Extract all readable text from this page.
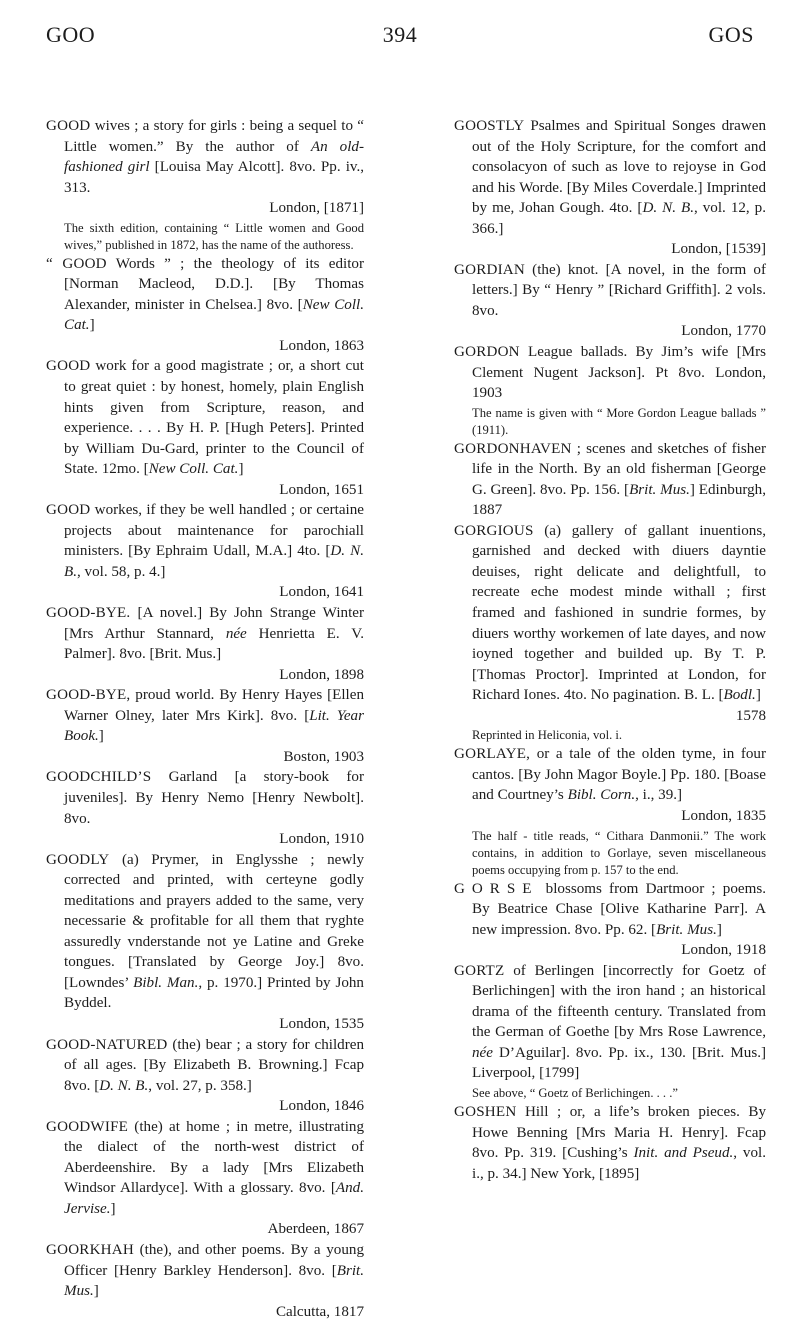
GOO	394	GOS
GOOD wives ; a story for girls : being a sequel to “ Little women.” By the author of An old-fashioned girl [Louisa May Alcott]. 8vo. Pp. iv., 313.
London, [1871]
The sixth edition, containing “ Little women and Good wives,” published in 1872, has the name of the authoress.
“ GOOD Words ” ; the theology of its editor [Norman Macleod, D.D.]. [By Thomas Alexander, minister in Chelsea.] 8vo. [New Coll. Cat.]
London, 1863
GOOD work for a good magistrate ; or, a short cut to great quiet : by honest, homely, plain English hints given from Scripture, reason, and experience. . . . By H. P. [Hugh Peters]. Printed by William Du-Gard, printer to the Council of State. 12mo. [New Coll. Cat.]
London, 1651
GOOD workes, if they be well handled ; or certaine projects about maintenance for parochiall ministers. [By Ephraim Udall, M.A.] 4to. [D. N. B., vol. 58, p. 4.]
London, 1641
GOOD-BYE. [A novel.] By John Strange Winter [Mrs Arthur Stannard, née Henrietta E. V. Palmer]. 8vo. [Brit. Mus.]
London, 1898
GOOD-BYE, proud world. By Henry Hayes [Ellen Warner Olney, later Mrs Kirk]. 8vo. [Lit. Year Book.]
Boston, 1903
GOODCHILD’S Garland [a story-book for juveniles]. By Henry Nemo [Henry Newbolt]. 8vo.
London, 1910
GOODLY (a) Prymer, in Englysshe ; newly corrected and printed, with certeyne godly meditations and prayers added to the same, very necessarie & profitable for all them that ryghte assuredly vnderstande not ye Latine and Greke tongues. [Translated by George Joy.] 8vo. [Lowndes’ Bibl. Man., p. 1970.] Printed by John Byddel.
London, 1535
GOOD-NATURED (the) bear ; a story for children of all ages. [By Elizabeth B. Browning.] Fcap 8vo. [D. N. B., vol. 27, p. 358.]
London, 1846
GOODWIFE (the) at home ; in metre, illustrating the dialect of the north-west district of Aberdeenshire. By a lady [Mrs Elizabeth Windsor Allardyce]. With a glossary. 8vo. [And. Jervise.]
Aberdeen, 1867
GOORKHAH (the), and other poems. By a young Officer [Henry Barkley Henderson]. 8vo. [Brit. Mus.]
Calcutta, 1817
GOOSTLY Psalmes and Spiritual Songes drawen out of the Holy Scripture, for the comfort and consolacyon of such as love to rejoyse in God and his Worde. [By Miles Coverdale.] Imprinted by me, Johan Gough. 4to. [D. N. B., vol. 12, p. 366.]
London, [1539]
GORDIAN (the) knot. [A novel, in the form of letters.] By “ Henry ” [Richard Griffith]. 2 vols. 8vo.
London, 1770
GORDON League ballads. By Jim’s wife [Mrs Clement Nugent Jackson]. Pt 8vo. London, 1903
The name is given with “ More Gordon League ballads ” (1911).
GORDONHAVEN ; scenes and sketches of fisher life in the North. By an old fisherman [George G. Green]. 8vo. Pp. 156. [Brit. Mus.] Edinburgh, 1887
GORGIOUS (a) gallery of gallant inuentions, garnished and decked with diuers dayntie deuises, right delicate and delightfull, to recreate eche modest minde withall ; first framed and fashioned in sundrie formes, by diuers worthy workemen of late dayes, and now ioyned together and builded up. By T. P. [Thomas Proctor]. Imprinted at London, for Richard Iones. 4to. No pagination. B. L. [Bodl.]
1578
Reprinted in Heliconia, vol. i.
GORLAYE, or a tale of the olden tyme, in four cantos. [By John Magor Boyle.] Pp. 180. [Boase and Courtney’s Bibl. Corn., i., 39.]
London, 1835
The half - title reads, “ Cithara Danmonii.” The work contains, in addition to Gorlaye, seven miscellaneous poems occupying from p. 157 to the end.
GORSE blossoms from Dartmoor ; poems. By Beatrice Chase [Olive Katharine Parr]. A new impression. 8vo. Pp. 62. [Brit. Mus.]
London, 1918
GORTZ of Berlingen [incorrectly for Goetz of Berlichingen] with the iron hand ; an historical drama of the fifteenth century. Translated from the German of Goethe [by Mrs Rose Lawrence, née D’Aguilar]. 8vo. Pp. ix., 130. [Brit. Mus.] Liverpool, [1799]
See above, “ Goetz of Berlichingen. . . .”
GOSHEN Hill ; or, a life’s broken pieces. By Howe Benning [Mrs Maria H. Henry]. Fcap 8vo. Pp. 319. [Cushing’s Init. and Pseud., vol. i., p. 34.] New York, [1895]
